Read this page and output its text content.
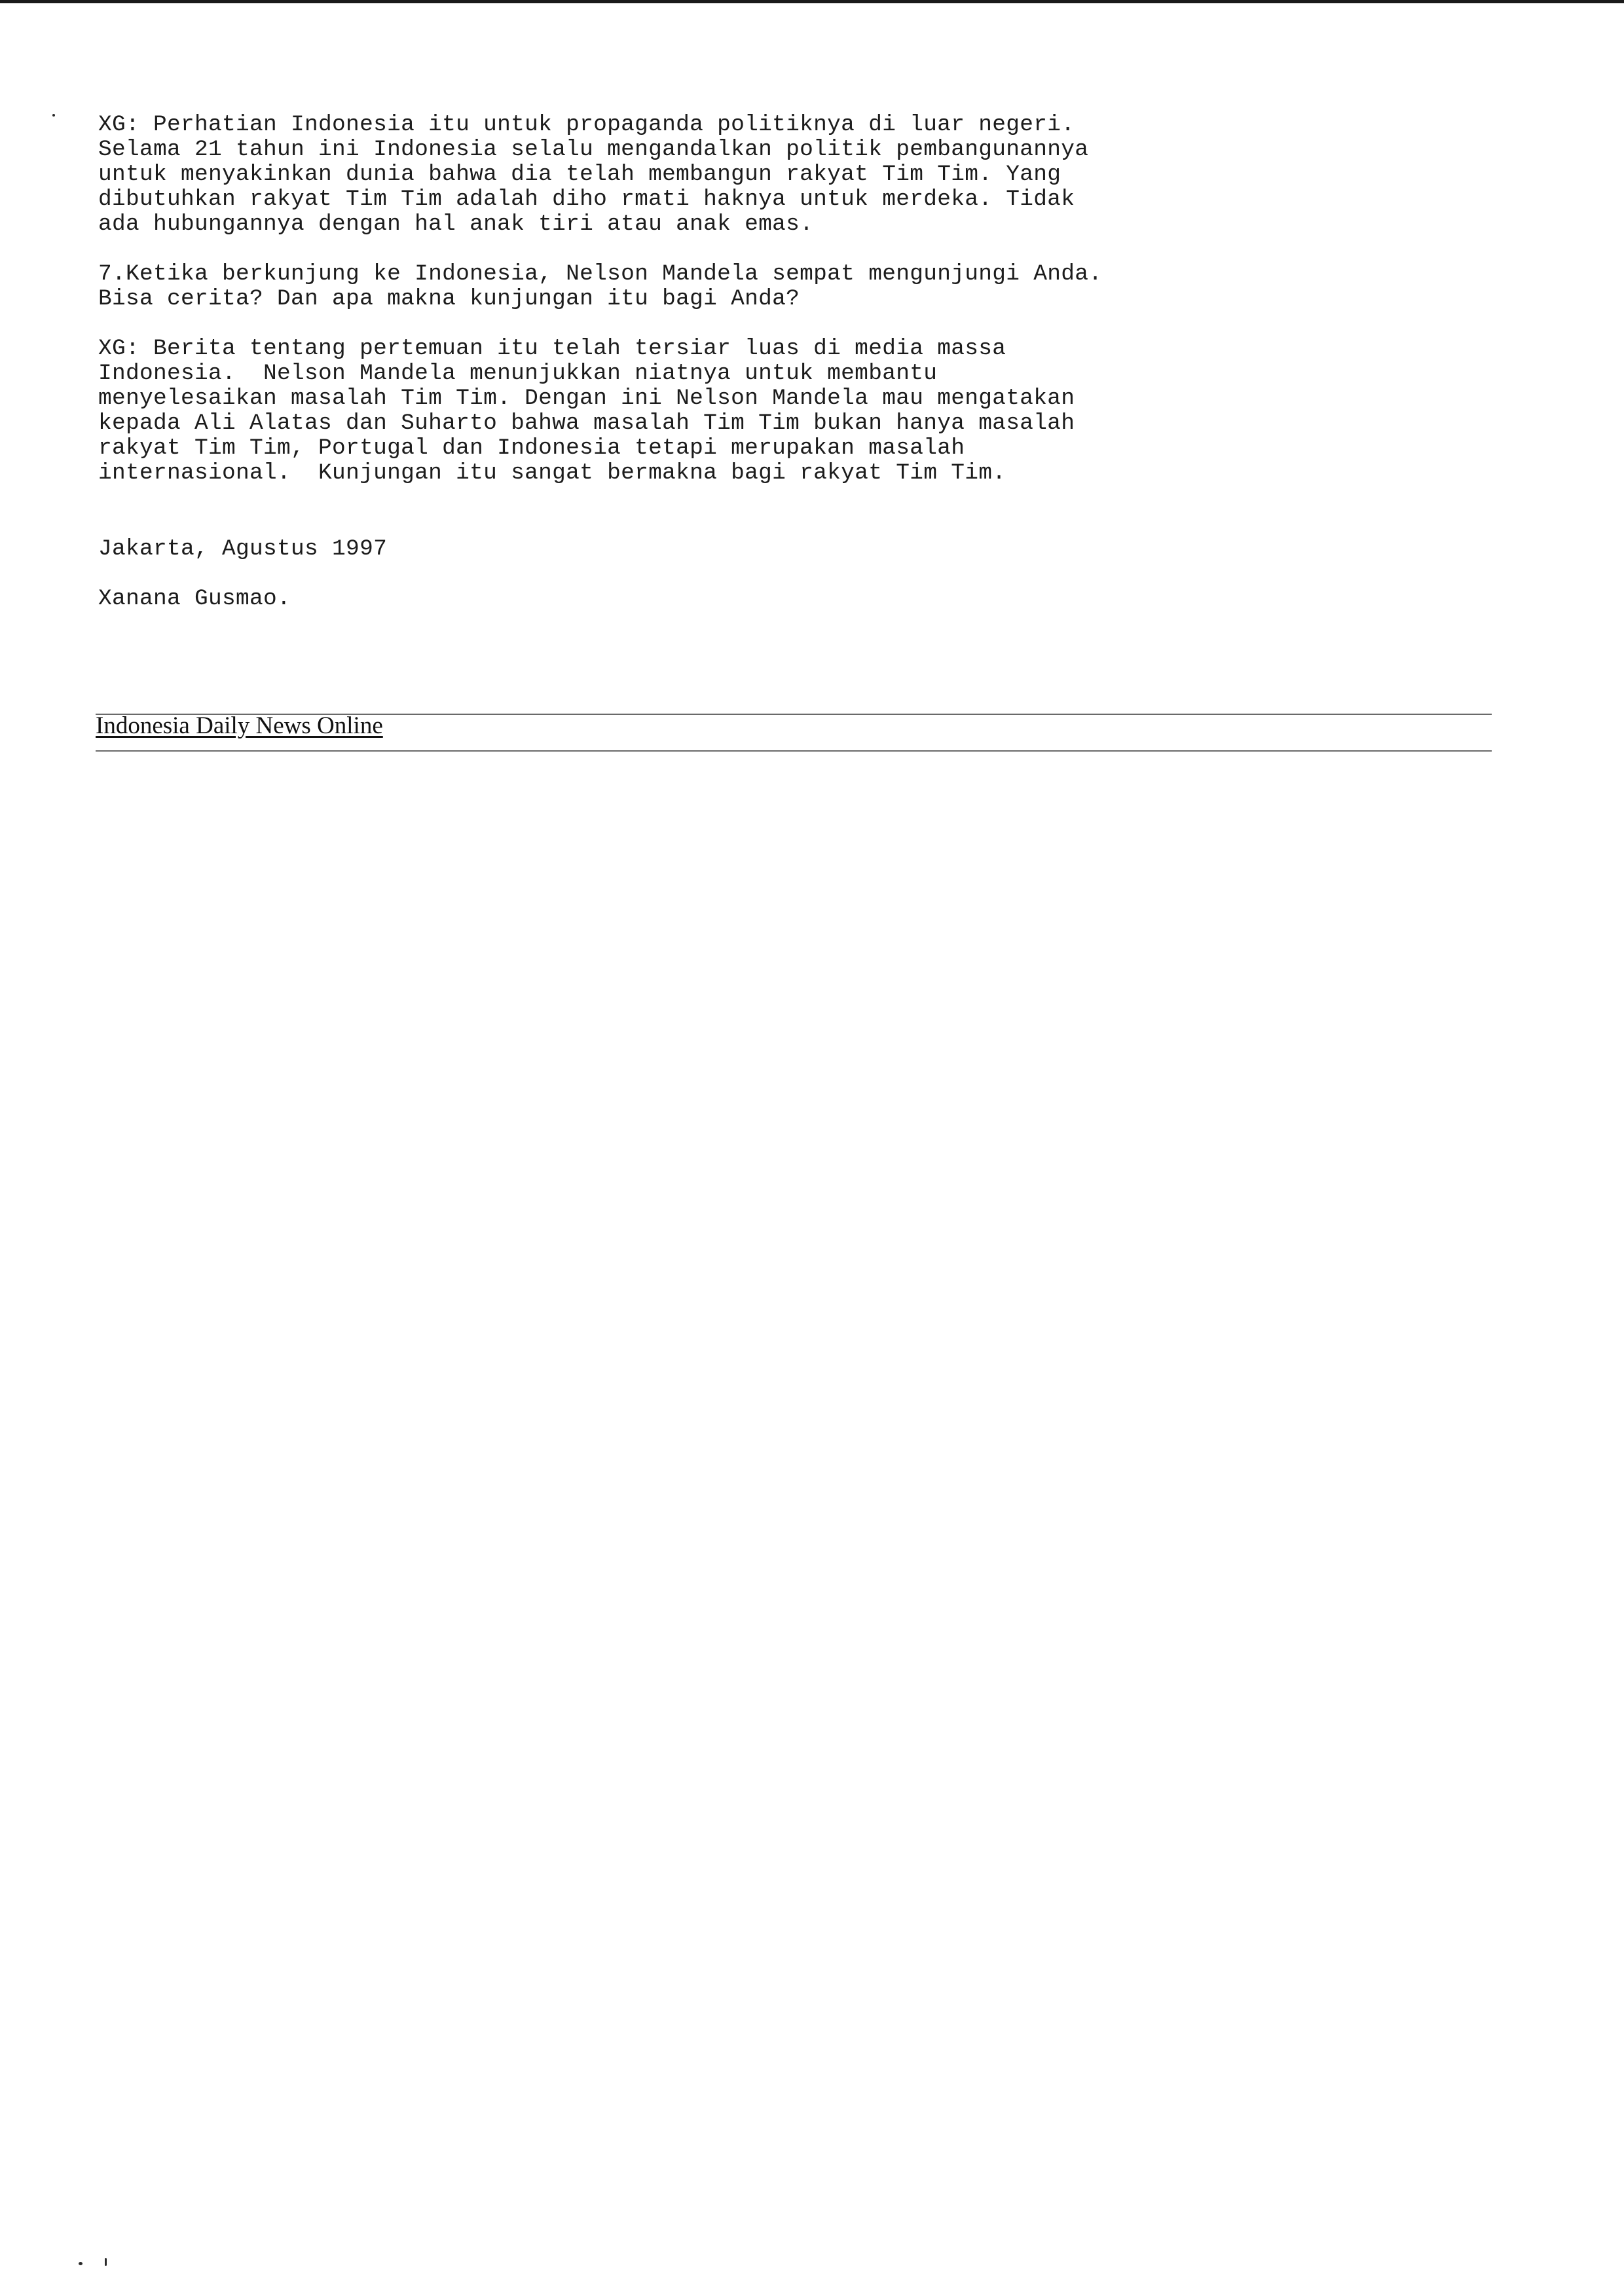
XG: Perhatian Indonesia itu untuk propaganda politiknya di luar negeri.
Selama 21 tahun ini Indonesia selalu mengandalkan politik pembangunannya
untuk menyakinkan dunia bahwa dia telah membangun rakyat Tim Tim. Yang
dibutuhkan rakyat Tim Tim adalah diho rmati haknya untuk merdeka. Tidak
ada hubungannya dengan hal anak tiri atau anak emas.

7.Ketika berkunjung ke Indonesia, Nelson Mandela sempat mengunjungi Anda.
Bisa cerita? Dan apa makna kunjungan itu bagi Anda?

XG: Berita tentang pertemuan itu telah tersiar luas di media massa
Indonesia.  Nelson Mandela menunjukkan niatnya untuk membantu
menyelesaikan masalah Tim Tim. Dengan ini Nelson Mandela mau mengatakan
kepada Ali Alatas dan Suharto bahwa masalah Tim Tim bukan hanya masalah
rakyat Tim Tim, Portugal dan Indonesia tetapi merupakan masalah
internasional.  Kunjungan itu sangat bermakna bagi rakyat Tim Tim.

Jakarta, Agustus 1997

Xanana Gusmao.

Indonesia Daily News Online
